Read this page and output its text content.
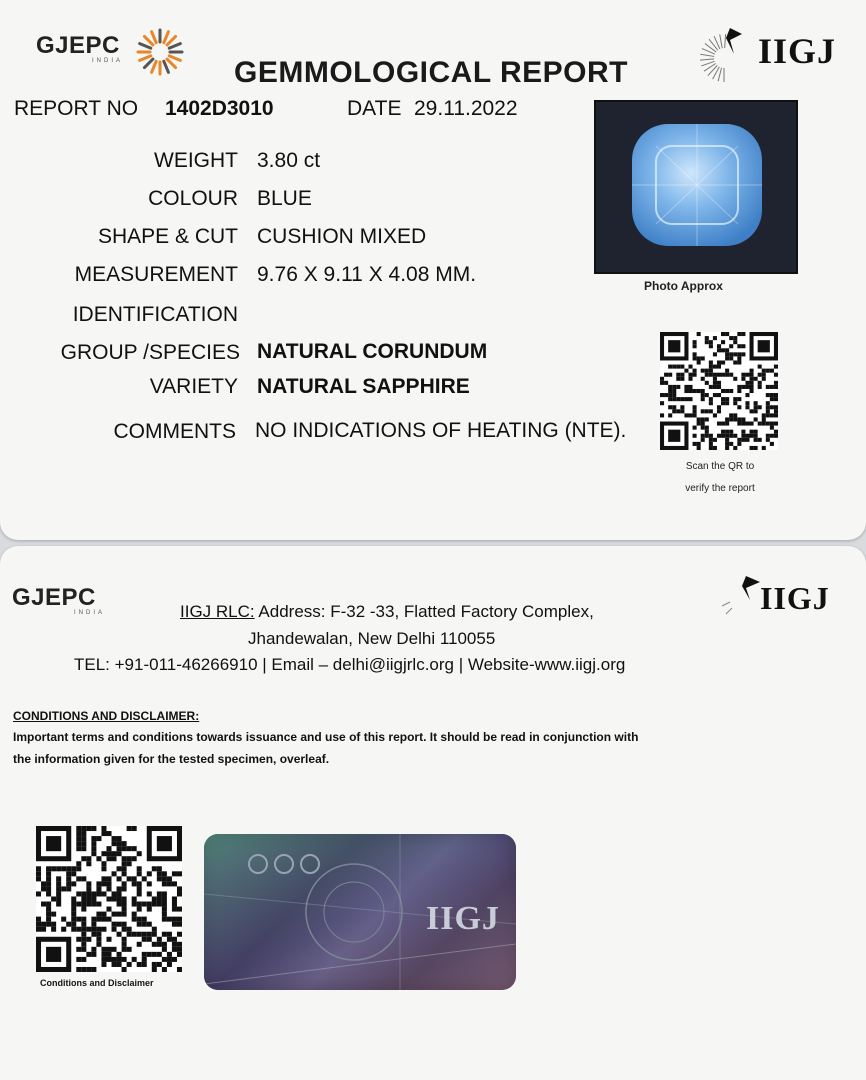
GJEPC
INDIA	IIGJ
GEMMOLOGICAL REPORT
REPORT NO 1402D3010	DATE 29.11.2022
WEIGHT 3.80 ct
COLOUR BLUE
SHAPE & CUT CUSHION MIXED
MEASUREMENT 9.76 X 9.11 X 4.08 MM.
IDENTIFICATION
GROUP /SPECIES NATURAL CORUNDUM
VARIETY NATURAL SAPPHIRE
COMMENTS NO INDICATIONS OF HEATING (NTE).
Photo Approx
Scan the QR to
verify the report
GJEPC
INDIA	IIGJ
IIGJ RLC: Address: F-32 -33, Flatted Factory Complex,
Jhandewalan, New Delhi 110055
TEL: +91-011-46266910 | Email – delhi@iigjrlc.org | Website-www.iigj.org
CONDITIONS AND DISCLAIMER:
Important terms and conditions towards issuance and use of this report. It should be read in conjunction with
the information given for the tested specimen, overleaf.
Conditions and Disclaimer
IIGJ
